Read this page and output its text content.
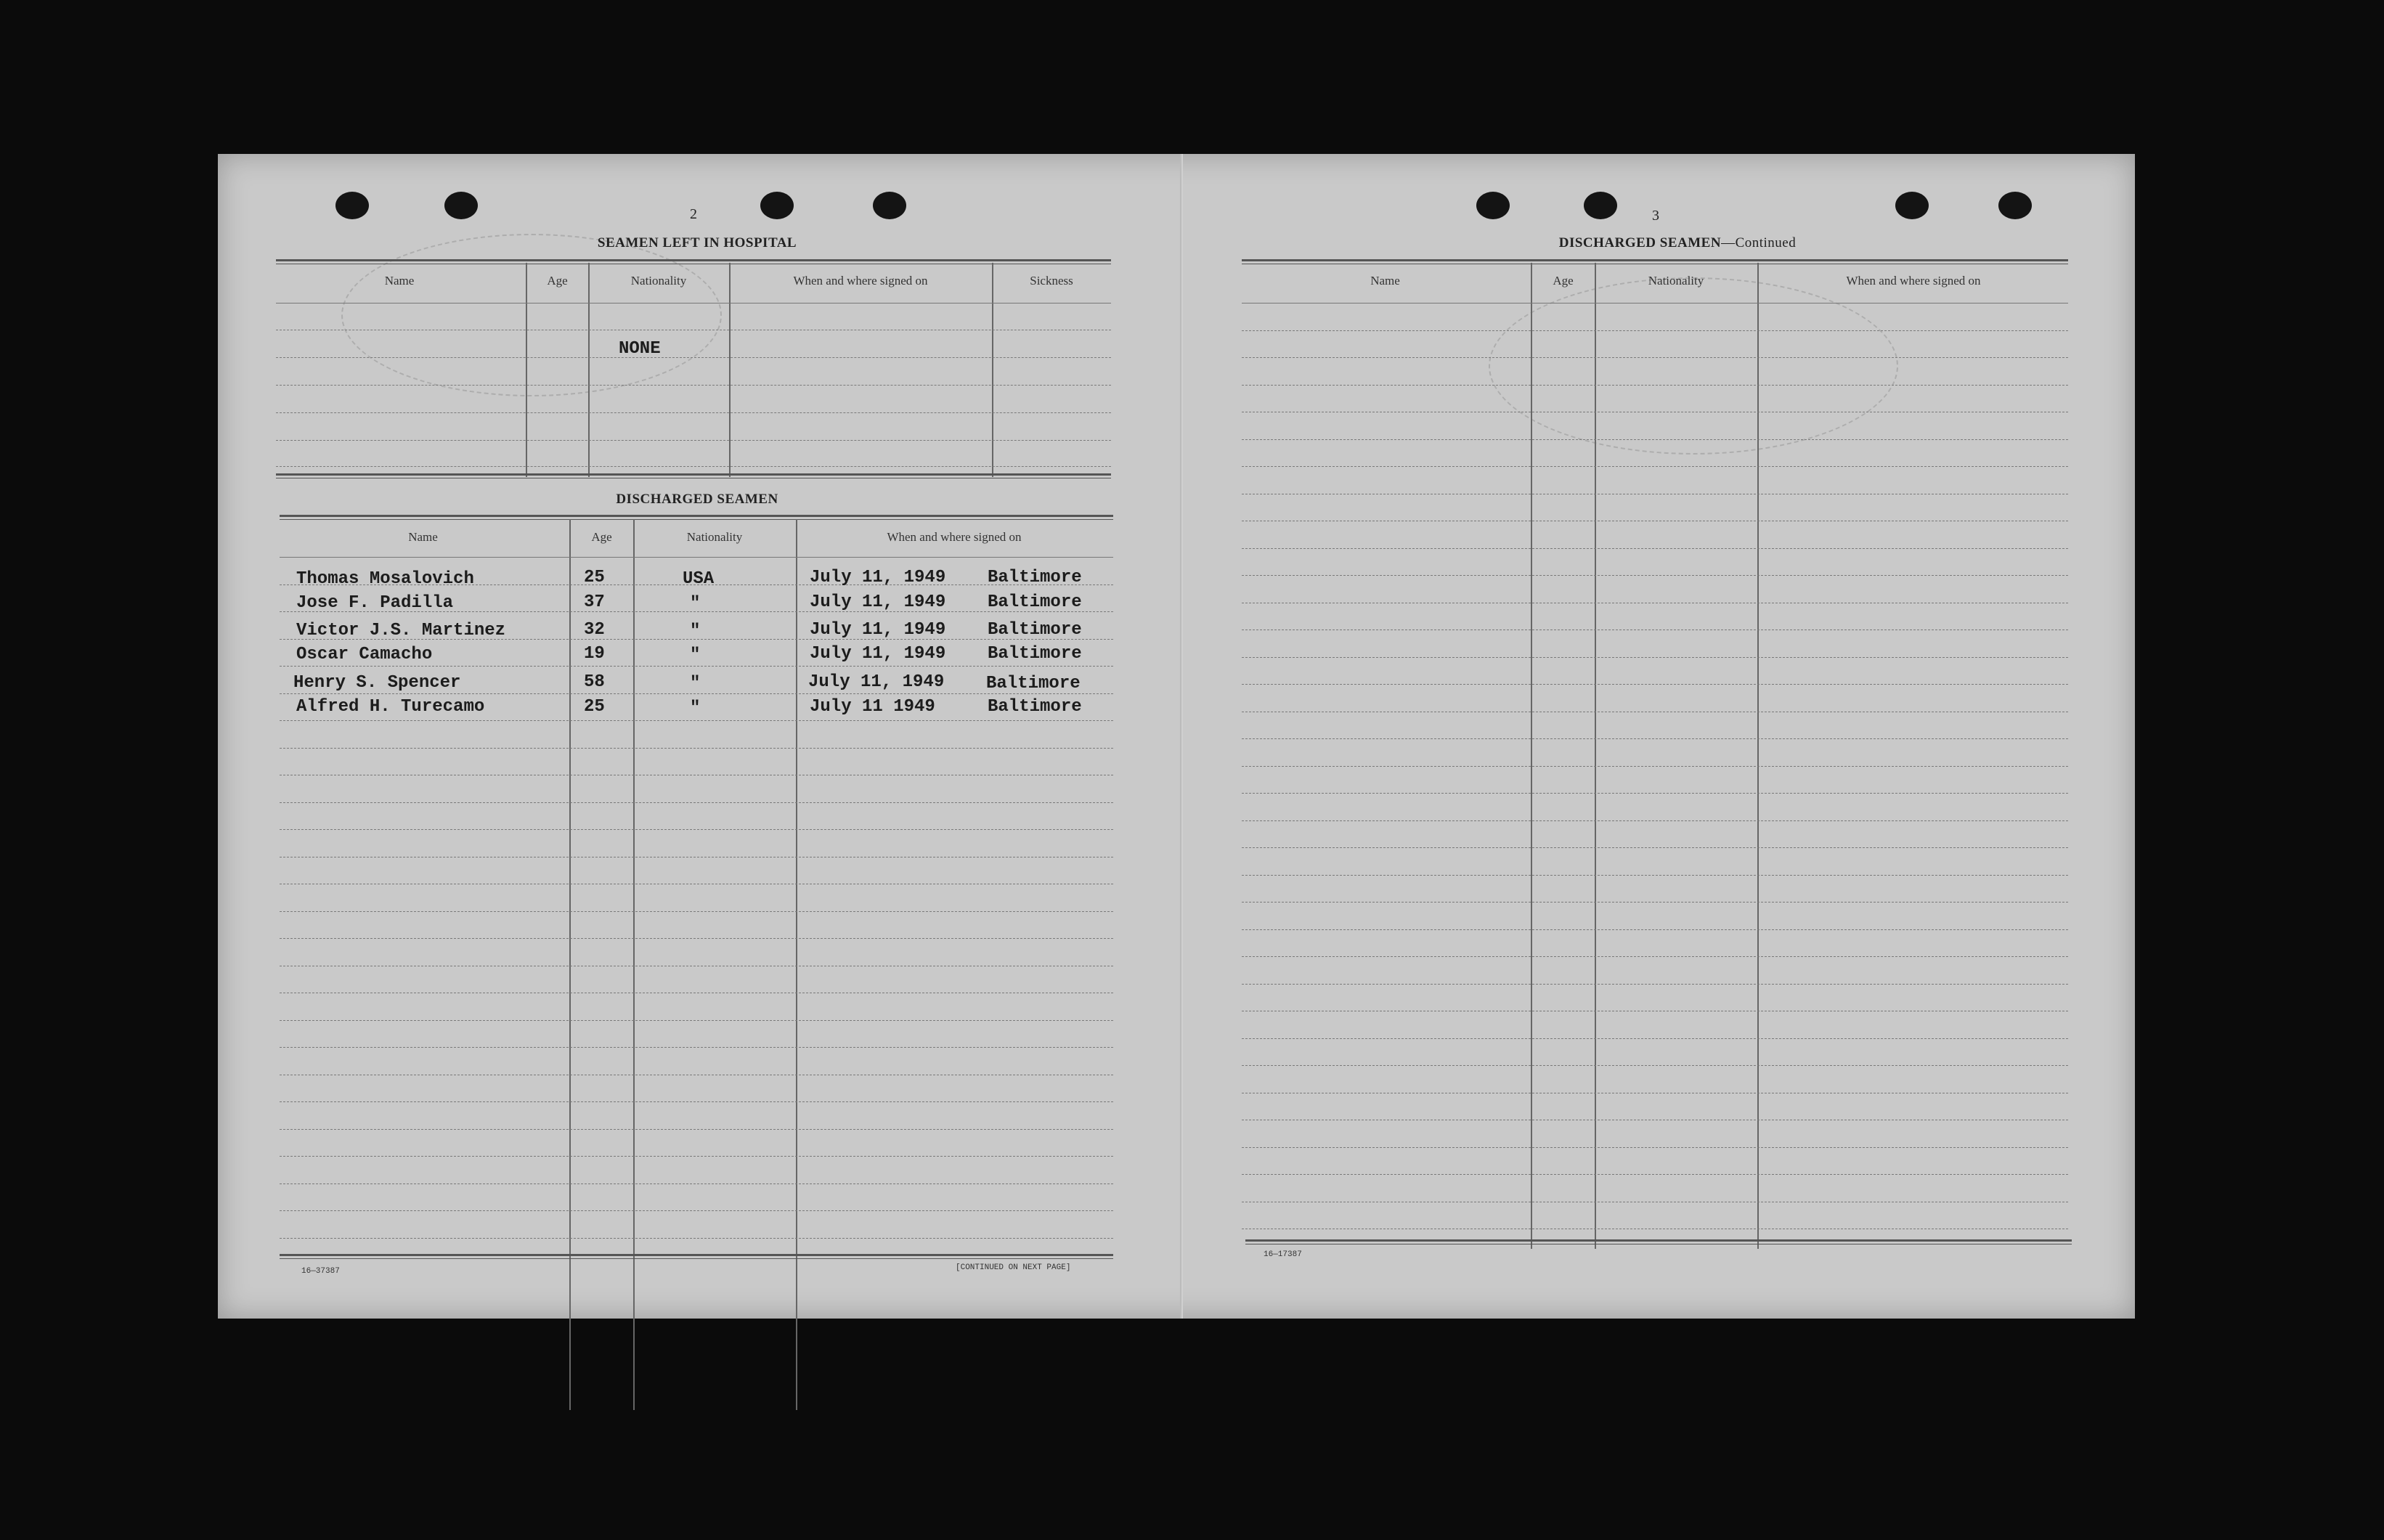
2
SEAMEN LEFT IN HOSPITAL
Name	Age	Nationality	When and where signed on	Sickness
NONE
DISCHARGED SEAMEN
Name	Age	Nationality	When and where signed on
Thomas Mosalovich	25	USA	July 11, 1949 Baltimore
Jose F. Padilla	37	"	July 11, 1949 Baltimore
Victor J.S. Martinez	32	"	July 11, 1949 Baltimore
Oscar Camacho	19	"	July 11, 1949 Baltimore
Henry S. Spencer	58	"	July 11, 1949 Baltimore
Alfred H. Turecamo	25	"	July 11 1949	Baltimore
16—37387	[CONTINUED ON NEXT PAGE]
3
DISCHARGED SEAMEN—Continued
Name	Age	Nationality	When and where signed on
16—17387
